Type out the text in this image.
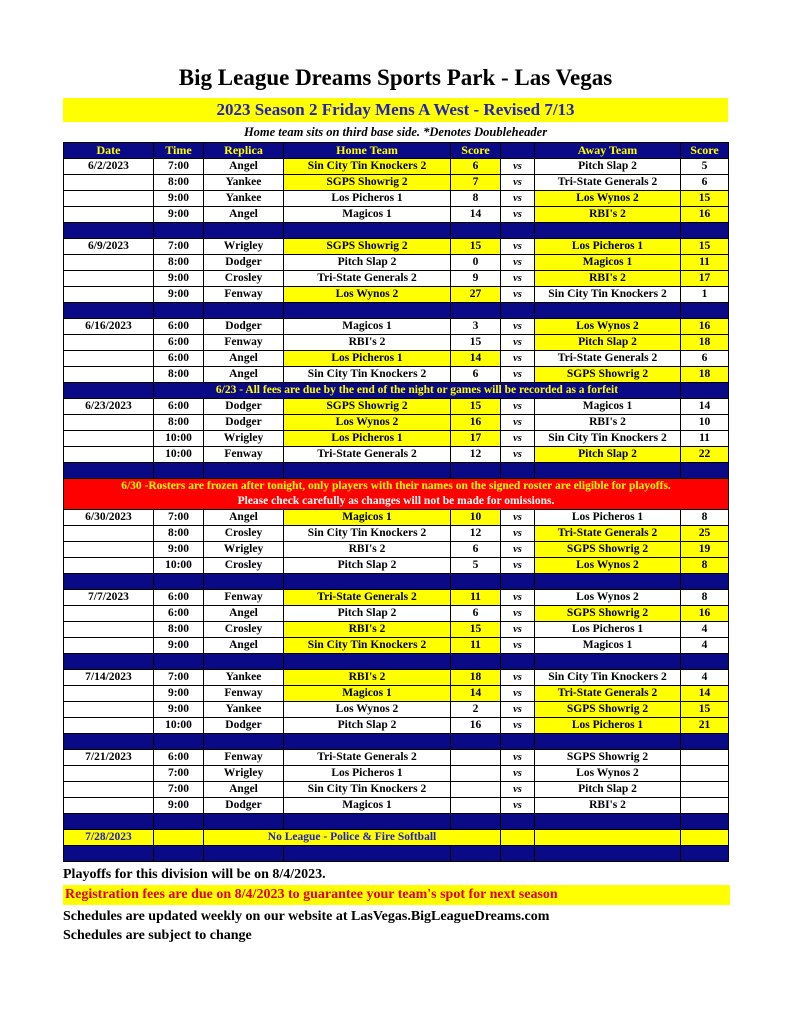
Big League Dreams Sports Park - Las Vegas
2023 Season 2 Friday Mens A West - Revised 7/13
Home team sits on third base side. *Denotes Doubleheader
Date	Time	Replica	Home Team	Score		Away Team	Score
6/2/2023	7:00	Angel	Sin City Tin Knockers 2	6	vs	Pitch Slap 2	5
	8:00	Yankee	SGPS Showrig 2	7	vs	Tri-State Generals 2	6
	9:00	Yankee	Los Picheros 1	8	vs	Los Wynos 2	15
	9:00	Angel	Magicos 1	14	vs	RBI's 2	16

6/9/2023	7:00	Wrigley	SGPS Showrig 2	15	vs	Los Picheros 1	15
	8:00	Dodger	Pitch Slap 2	0	vs	Magicos 1	11
	9:00	Crosley	Tri-State Generals 2	9	vs	RBI's 2	17
	9:00	Fenway	Los Wynos 2	27	vs	Sin City Tin Knockers 2	1

6/16/2023	6:00	Dodger	Magicos 1	3	vs	Los Wynos 2	16
	6:00	Fenway	RBI's 2	15	vs	Pitch Slap 2	18
	6:00	Angel	Los Picheros 1	14	vs	Tri-State Generals 2	6
	8:00	Angel	Sin City Tin Knockers 2	6	vs	SGPS Showrig 2	18
	6/23 - All fees are due by the end of the night or games will be recorded as a forfeit						
6/23/2023	6:00	Dodger	SGPS Showrig 2	15	vs	Magicos 1	14
	8:00	Dodger	Los Wynos 2	16	vs	RBI's 2	10
	10:00	Wrigley	Los Picheros 1	17	vs	Sin City Tin Knockers 2	11
	10:00	Fenway	Tri-State Generals 2	12	vs	Pitch Slap 2	22

6/30 -Rosters are frozen after tonight, only players with their names on the signed roster are eligible for playoffs.
Please check carefully as changes will not be made for omissions.							

6/30/2023	7:00	Angel	Magicos 1	10	vs	Los Picheros 1	8
	8:00	Crosley	Sin City Tin Knockers 2	12	vs	Tri-State Generals 2	25
	9:00	Wrigley	RBI's 2	6	vs	SGPS Showrig 2	19
	10:00	Crosley	Pitch Slap 2	5	vs	Los Wynos 2	8

7/7/2023	6:00	Fenway	Tri-State Generals 2	11	vs	Los Wynos 2	8
	6:00	Angel	Pitch Slap 2	6	vs	SGPS Showrig 2	16
	8:00	Crosley	RBI's 2	15	vs	Los Picheros 1	4
	9:00	Angel	Sin City Tin Knockers 2	11	vs	Magicos 1	4

7/14/2023	7:00	Yankee	RBI's 2	18	vs	Sin City Tin Knockers 2	4
	9:00	Fenway	Magicos 1	14	vs	Tri-State Generals 2	14
	9:00	Yankee	Los Wynos 2	2	vs	SGPS Showrig 2	15
	10:00	Dodger	Pitch Slap 2	16	vs	Los Picheros 1	21

7/21/2023	6:00	Fenway	Tri-State Generals 2		vs	SGPS Showrig 2	
	7:00	Wrigley	Los Picheros 1		vs	Los Wynos 2	
	7:00	Angel	Sin City Tin Knockers 2		vs	Pitch Slap 2	
	9:00	Dodger	Magicos 1		vs	RBI's 2	

7/28/2023		No League - Police & Fire Softball					

Playoffs for this division will be on 8/4/2023.
Registration fees are due on 8/4/2023 to guarantee your team's spot for next season
Schedules are updated weekly on our website at LasVegas.BigLeagueDreams.com
Schedules are subject to change
